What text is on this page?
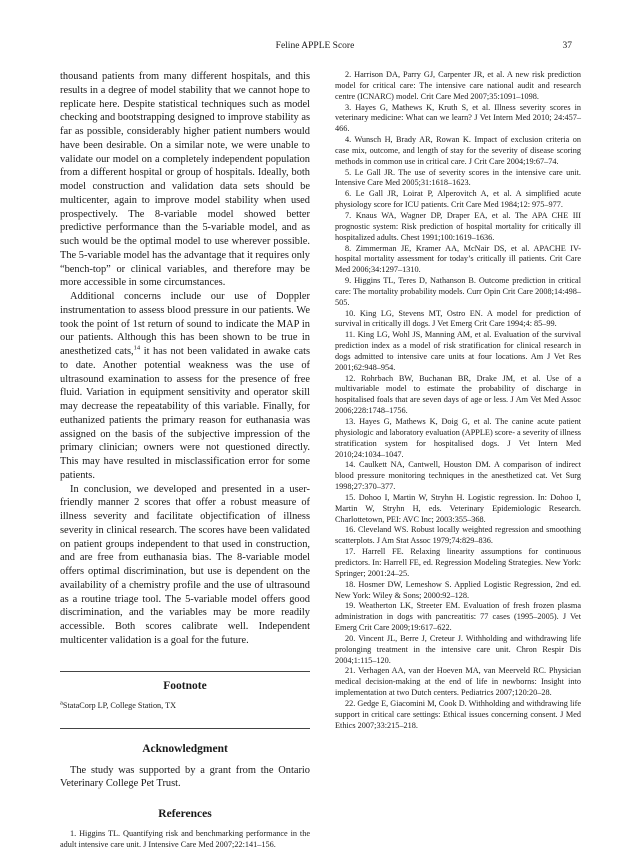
Feline APPLE Score	37

thousand patients from many different hospitals, and this results in a degree of model stability that we cannot hope to replicate here. Despite statistical techniques such as model checking and bootstrapping designed to improve stability as far as possible, considerably higher patient numbers would have been desirable. On a similar note, we were unable to validate our model on a completely independent population from a different hospital or group of hospitals. Ideally, both model construction and validation data sets should be multicenter, again to improve model stability when used prospectively. The 8-variable model showed better predictive performance than the 5-variable model, and as such would be the optimal model to use wherever possible. The 5-variable model has the advantage that it requires only “bench-top” or clinical variables, and therefore may be more accessible in some circumstances.

Additional concerns include our use of Doppler instrumentation to assess blood pressure in our patients. We took the point of 1st return of sound to indicate the MAP in our patients. Although this has been shown to be true in anesthetized cats,$^{14}$ it has not been validated in awake cats to date. Another potential weakness was the use of ultrasound examination to assess for the presence of free fluid. Variation in equipment sensitivity and operator skill may decrease the repeatability of this variable. Finally, for euthanized patients the primary reason for euthanasia was assigned on the basis of the subjective impression of the primary clinician; owners were not questioned directly. This may have resulted in misclassification error for some patients.

In conclusion, we developed and presented in a user-friendly manner 2 scores that offer a robust measure of illness severity and facilitate objectification of illness severity in clinical research. The scores have been validated on patient groups independent to that used in construction, and are free from euthanasia bias. The 8-variable model offers optimal discrimination, but use is dependent on the availability of a chemistry profile and the use of ultrasound as a routine triage tool. The 5-variable model offers good discrimination, and the variables may be more readily accessible. Both scores calibrate well. Independent multicenter validation is a goal for the future.

Footnote

$^a$StataCorp LP, College Station, TX

Acknowledgment

The study was supported by a grant from the Ontario Veterinary College Pet Trust.

References

1. Higgins TL. Quantifying risk and benchmarking performance in the adult intensive care unit. J Intensive Care Med 2007;22:141–156.

2. Harrison DA, Parry GJ, Carpenter JR, et al. A new risk prediction model for critical care: The intensive care national audit and research centre (ICNARC) model. Crit Care Med 2007;35:1091–1098.

3. Hayes G, Mathews K, Kruth S, et al. Illness severity scores in veterinary medicine: What can we learn? J Vet Intern Med 2010; 24:457–466.

4. Wunsch H, Brady AR, Rowan K. Impact of exclusion criteria on case mix, outcome, and length of stay for the severity of disease scoring methods in common use in critical care. J Crit Care 2004;19:67–74.

5. Le Gall JR. The use of severity scores in the intensive care unit. Intensive Care Med 2005;31:1618–1623.

6. Le Gall JR, Loirat P, Alperovitch A, et al. A simplified acute physiology score for ICU patients. Crit Care Med 1984;12: 975–977.

7. Knaus WA, Wagner DP, Draper EA, et al. The APA CHE III prognostic system: Risk prediction of hospital mortality for critically ill hospitalized adults. Chest 1991;100:1619–1636.

8. Zimmerman JE, Kramer AA, McNair DS, et al. APACHE IV- hospital mortality assessment for today’s critically ill patients. Crit Care Med 2006;34:1297–1310.

9. Higgins TL, Teres D, Nathanson B. Outcome prediction in critical care: The mortality probability models. Curr Opin Crit Care 2008;14:498–505.

10. King LG, Stevens MT, Ostro EN. A model for prediction of survival in critically ill dogs. J Vet Emerg Crit Care 1994;4: 85–99.

11. King LG, Wohl JS, Manning AM, et al. Evaluation of the survival prediction index as a model of risk stratification for clinical research in dogs admitted to intensive care units at four locations. Am J Vet Res 2001;62:948–954.

12. Rohrbach BW, Buchanan BR, Drake JM, et al. Use of a multivariable model to estimate the probability of discharge in hospitalised foals that are seven days of age or less. J Am Vet Med Assoc 2006;228:1748–1756.

13. Hayes G, Mathews K, Doig G, et al. The canine acute patient physiologic and laboratory evaluation (APPLE) score- a severity of illness stratification system for hospitalised dogs. J Vet Intern Med 2010;24:1034–1047.

14. Caulkett NA, Cantwell, Houston DM. A comparison of indirect blood pressure monitoring techniques in the anesthetized cat. Vet Surg 1998;27:370–377.

15. Dohoo I, Martin W, Stryhn H. Logistic regression. In: Dohoo I, Martin W, Stryhn H, eds. Veterinary Epidemiologic Research. Charlottetown, PEI: AVC Inc; 2003:355–368.

16. Cleveland WS. Robust locally weighted regression and smoothing scatterplots. J Am Stat Assoc 1979;74:829–836.

17. Harrell FE. Relaxing linearity assumptions for continuous predictors. In: Harrell FE, ed. Regression Modeling Strategies. New York: Springer; 2001:24–25.

18. Hosmer DW, Lemeshow S. Applied Logistic Regression, 2nd ed. New York: Wiley & Sons; 2000:92–128.

19. Weatherton LK, Streeter EM. Evaluation of fresh frozen plasma administration in dogs with pancreatitis: 77 cases (1995–2005). J Vet Emerg Crit Care 2009;19:617–622.

20. Vincent JL, Berre J, Creteur J. Withholding and withdrawing life prolonging treatment in the intensive care unit. Chron Respir Dis 2004;1:115–120.

21. Verhagen AA, van der Hoeven MA, van Meerveld RC. Physician medical decision-making at the end of life in newborns: Insight into implementation at two Dutch centers. Pediatrics 2007;120:20–28.

22. Gedge E, Giacomini M, Cook D. Withholding and withdrawing life support in critical care settings: Ethical issues concerning consent. J Med Ethics 2007;33:215–218.
